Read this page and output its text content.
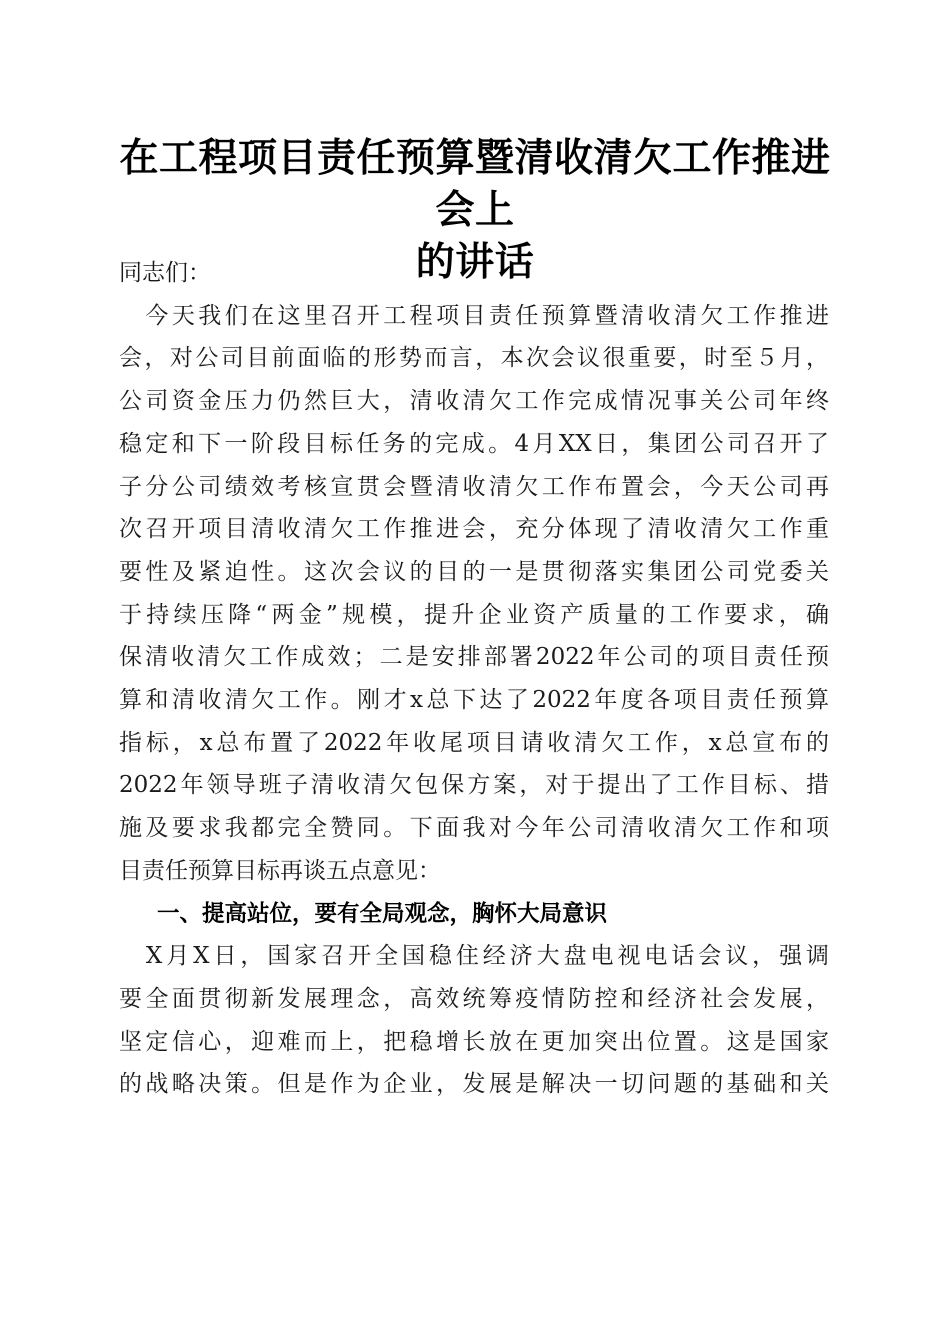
在工程项目责任预算暨清收清欠工作推进会上
的讲话

同志们：

　今天我们在这里召开工程项目责任预算暨清收清欠工作推进

会，对公司目前面临的形势而言，本次会议很重要，时至５月，

公司资金压力仍然巨大，清收清欠工作完成情况事关公司年终

稳定和下一阶段目标任务的完成。4月XX日，集团公司召开了

子分公司绩效考核宣贯会暨清收清欠工作布置会，今天公司再

次召开项目清收清欠工作推进会，充分体现了清收清欠工作重

要性及紧迫性。这次会议的目的一是贯彻落实集团公司党委关

于持续压降“两金”规模，提升企业资产质量的工作要求，确

保清收清欠工作成效；二是安排部署2022年公司的项目责任预

算和清收清欠工作。刚才x总下达了2022年度各项目责任预算

指标，x总布置了2022年收尾项目请收清欠工作，x总宣布的

2022年领导班子清收清欠包保方案，对于提出了工作目标、措

施及要求我都完全赞同。下面我对今年公司清收清欠工作和项

目责任预算目标再谈五点意见：

一、提高站位，要有全局观念，胸怀大局意识

　X月X日，国家召开全国稳住经济大盘电视电话会议，强调

要全面贯彻新发展理念，高效统筹疫情防控和经济社会发展，

坚定信心，迎难而上，把稳增长放在更加突出位置。这是国家

的战略决策。但是作为企业，发展是解决一切问题的基础和关
